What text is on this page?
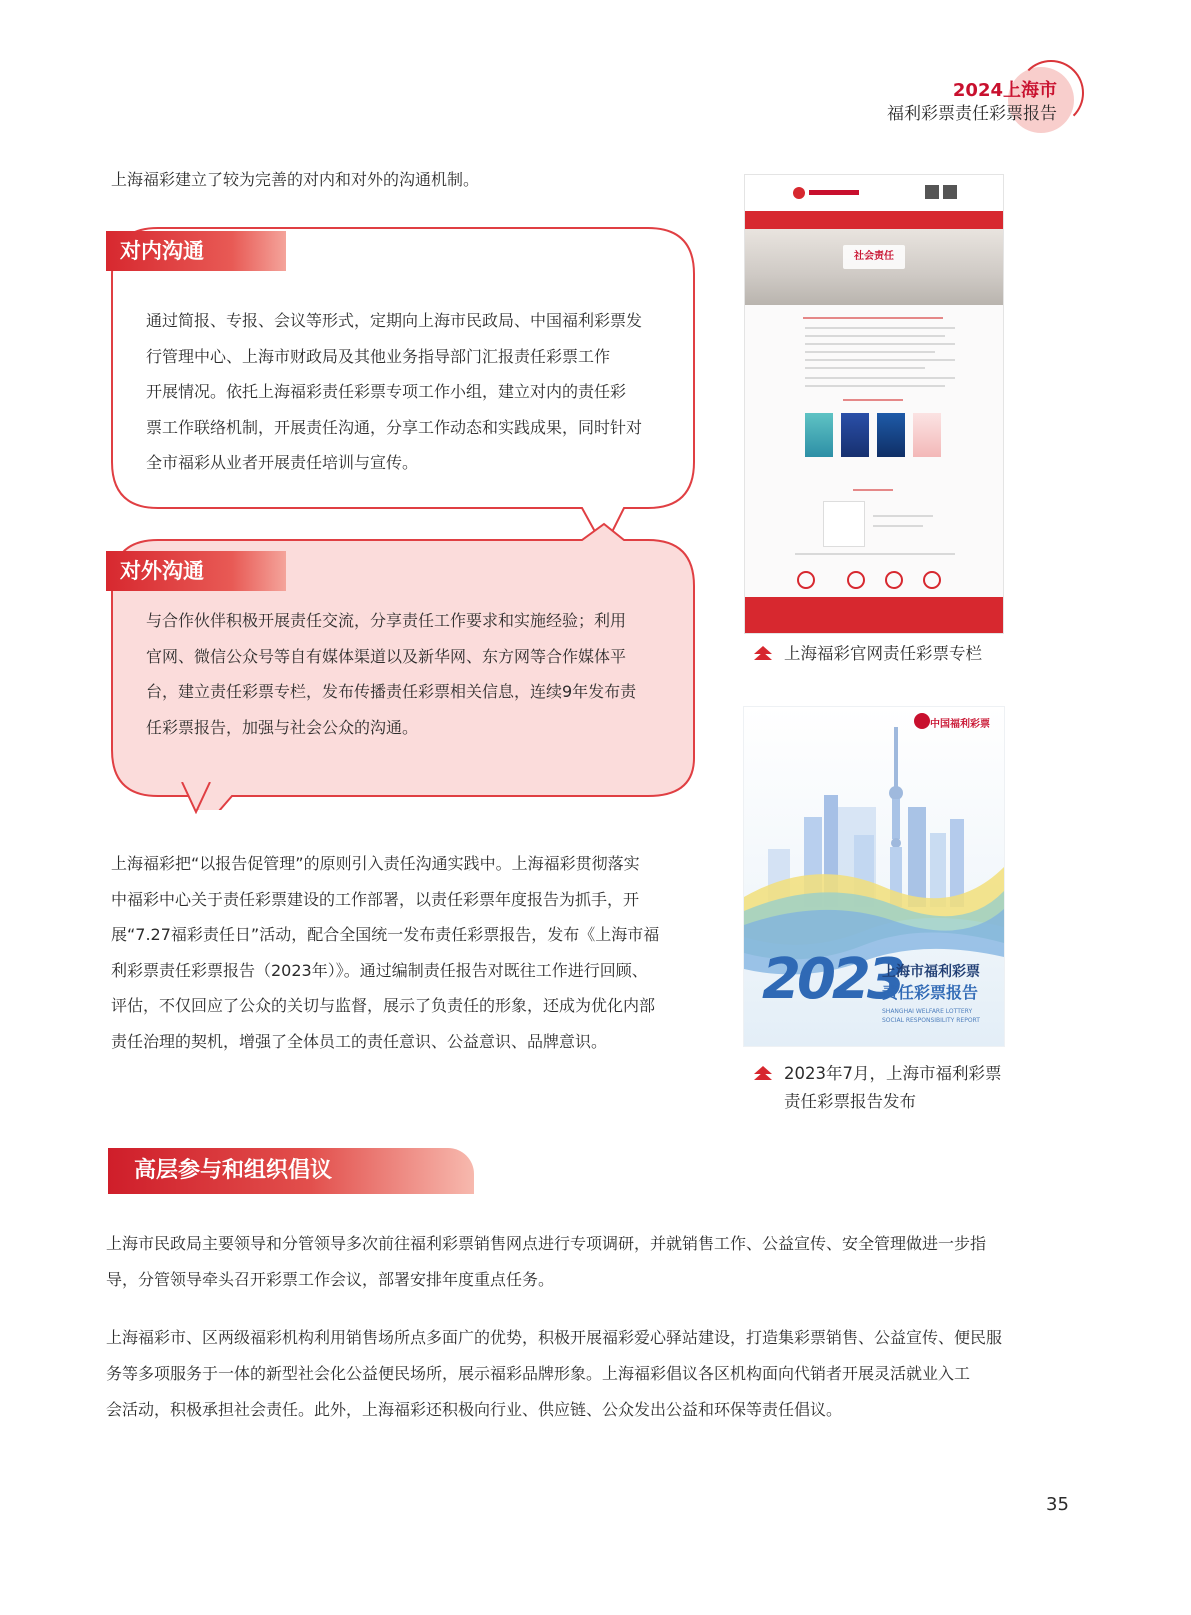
2024上海市
福利彩票责任彩票报告
上海福彩建立了较为完善的对内和对外的沟通机制。
对内沟通
通过简报、专报、会议等形式，定期向上海市民政局、中国福利彩票发
行管理中心、上海市财政局及其他业务指导部门汇报责任彩票工作
开展情况。依托上海福彩责任彩票专项工作小组，建立对内的责任彩
票工作联络机制，开展责任沟通，分享工作动态和实践成果，同时针对
全市福彩从业者开展责任培训与宣传。
对外沟通
与合作伙伴积极开展责任交流，分享责任工作要求和实施经验；利用
官网、微信公众号等自有媒体渠道以及新华网、东方网等合作媒体平
台，建立责任彩票专栏，发布传播责任彩票相关信息，连续9年发布责
任彩票报告，加强与社会公众的沟通。
社会责任
上海福彩官网责任彩票专栏
中国福利彩票
2023
上海市福利彩票
责任彩票报告
SHANGHAI WELFARE LOTTERY
SOCIAL RESPONSIBILITY REPORT
2023年7月，上海市福利彩票
责任彩票报告发布
上海福彩把“以报告促管理”的原则引入责任沟通实践中。上海福彩贯彻落实
中福彩中心关于责任彩票建设的工作部署，以责任彩票年度报告为抓手，开
展“7.27福彩责任日”活动，配合全国统一发布责任彩票报告，发布《上海市福
利彩票责任彩票报告（2023年）》。通过编制责任报告对既往工作进行回顾、
评估，不仅回应了公众的关切与监督，展示了负责任的形象，还成为优化内部
责任治理的契机，增强了全体员工的责任意识、公益意识、品牌意识。
高层参与和组织倡议
上海市民政局主要领导和分管领导多次前往福利彩票销售网点进行专项调研，并就销售工作、公益宣传、安全管理做进一步指
导，分管领导牵头召开彩票工作会议，部署安排年度重点任务。
上海福彩市、区两级福彩机构利用销售场所点多面广的优势，积极开展福彩爱心驿站建设，打造集彩票销售、公益宣传、便民服
务等多项服务于一体的新型社会化公益便民场所，展示福彩品牌形象。上海福彩倡议各区机构面向代销者开展灵活就业入工
会活动，积极承担社会责任。此外，上海福彩还积极向行业、供应链、公众发出公益和环保等责任倡议。
35
